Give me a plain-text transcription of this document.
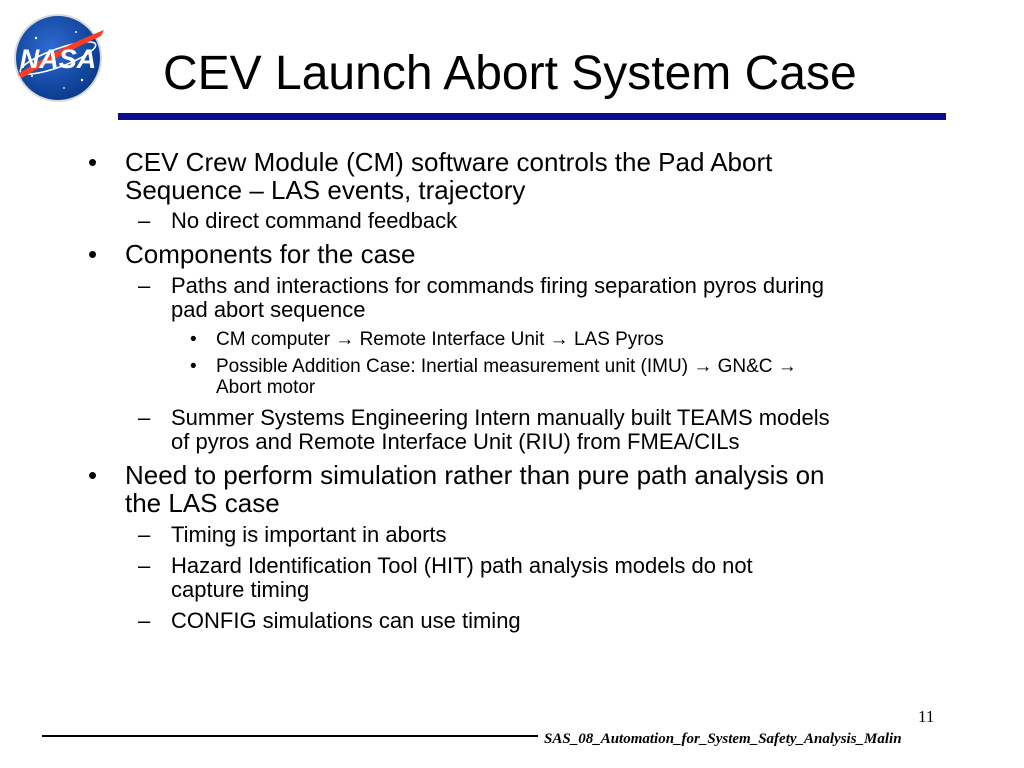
NASA CEV Launch Abort System Case
• CEV Crew Module (CM) software controls the Pad Abort
Sequence – LAS events, trajectory
– No direct command feedback
• Components for the case
– Paths and interactions for commands firing separation pyros during
pad abort sequence
• CM computer → Remote Interface Unit → LAS Pyros
• Possible Addition Case: Inertial measurement unit (IMU) → GN&C →
Abort motor
– Summer Systems Engineering Intern manually built TEAMS models
of pyros and Remote Interface Unit (RIU) from FMEA/CILs
• Need to perform simulation rather than pure path analysis on
the LAS case
– Timing is important in aborts
– Hazard Identification Tool (HIT) path analysis models do not
capture timing
– CONFIG simulations can use timing
11
SAS_08_Automation_for_System_Safety_Analysis_Malin
